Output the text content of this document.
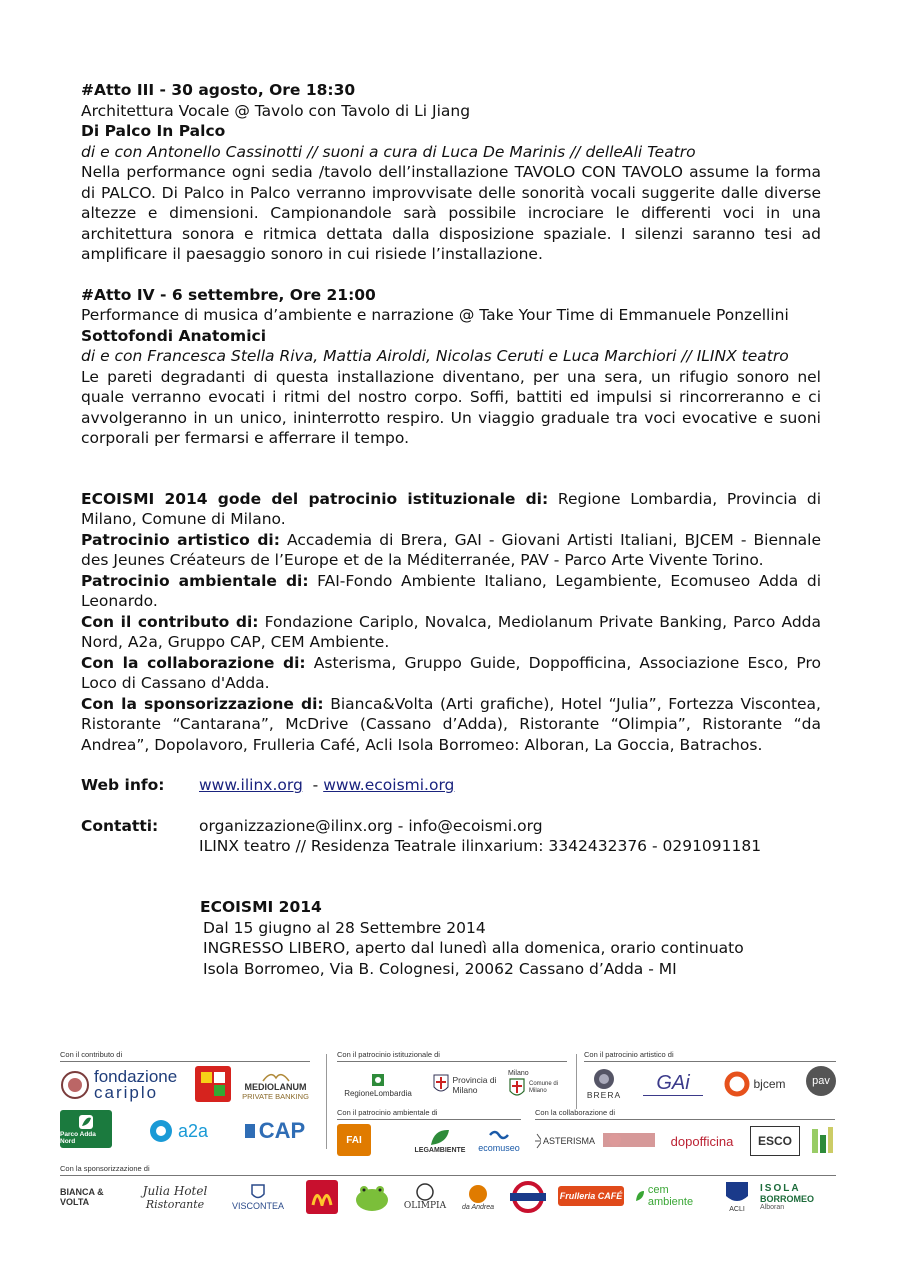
#Atto III - 30 agosto, Ore 18:30
Architettura Vocale @ Tavolo con Tavolo di Li Jiang
Di Palco In Palco
di e con Antonello Cassinotti // suoni a cura di Luca De Marinis // delleAli Teatro
Nella performance ogni sedia /tavolo dell’installazione TAVOLO CON TAVOLO assume la forma di PALCO. Di Palco in Palco verranno improvvisate delle sonorità vocali suggerite dalle diverse altezze e dimensioni. Campionandole sarà possibile incrociare le differenti voci in una architettura sonora e ritmica dettata dalla disposizione spaziale. I silenzi saranno tesi ad amplificare il paesaggio sonoro in cui risiede l’installazione.
#Atto IV - 6 settembre, Ore 21:00
Performance di musica d’ambiente e narrazione @ Take Your Time di Emmanuele Ponzellini
Sottofondi Anatomici
di e con Francesca Stella Riva, Mattia Airoldi, Nicolas Ceruti e Luca Marchiori // ILINX teatro
Le pareti degradanti di questa installazione diventano, per una sera, un rifugio sonoro nel quale verranno evocati i ritmi del nostro corpo. Soffi, battiti ed impulsi si rincorreranno e ci avvolgeranno in un unico, ininterrotto respiro. Un viaggio graduale tra voci evocative e suoni corporali per fermarsi e afferrare il tempo.
ECOISMI 2014 gode del patrocinio istituzionale di: Regione Lombardia, Provincia di Milano, Comune di Milano.
Patrocinio artistico di: Accademia di Brera, GAI - Giovani Artisti Italiani, BJCEM - Biennale des Jeunes Créateurs de l’Europe et de la Méditerranée, PAV - Parco Arte Vivente Torino.
Patrocinio ambientale di: FAI-Fondo Ambiente Italiano, Legambiente, Ecomuseo Adda di Leonardo.
Con il contributo di: Fondazione Cariplo, Novalca, Mediolanum Private Banking, Parco Adda Nord, A2a, Gruppo CAP, CEM Ambiente.
Con la collaborazione di: Asterisma, Gruppo Guide, Doppofficina, Associazione Esco, Pro Loco di Cassano d'Adda.
Con la sponsorizzazione di: Bianca&Volta (Arti grafiche), Hotel “Julia”, Fortezza Viscontea, Ristorante “Cantarana”, McDrive (Cassano d’Adda), Ristorante “Olimpia”, Ristorante “da Andrea”, Dopolavoro, Frulleria Café, Acli Isola Borromeo: Alboran, La Goccia, Batrachos.
Web info:	www.ilinx.org  - www.ecoismi.org
Contatti:	organizzazione@ilinx.org - info@ecoismi.org
ILINX teatro // Residenza Teatrale ilinxarium: 3342432376 - 0291091181
ECOISMI 2014
Dal 15 giugno al 28 Settembre 2014
INGRESSO LIBERO, aperto dal lunedì alla domenica, orario continuato
Isola Borromeo, Via B. Colognesi, 20062 Cassano d’Adda - MI
Con il contributo di	Con il patrocinio istituzionale di	Con il patrocinio artistico di
fondazione
cariplo	MEDIOLANUM
PRIVATE BANKING	RegioneLombardia
Provincia di Milano
Milano
Comune di Milano	BRERA
GAi	bjcem	pav
Parco Adda Nord
a2a CAP
Con il patrocinio ambientale di	Con la collaborazione di
FAI
LEGAMBIENTE ecomuseo
ASTERISMA	dopofficina	ESCO
Con la sponsorizzazione di
BIANCA & VOLTA
Julia Hotel
Ristorante	VISCONTEA	OLIMPIA da Andrea
Frulleria CAFÉ cem ambiente
ACLI
ISOLA
BORROMEO
Alboran
